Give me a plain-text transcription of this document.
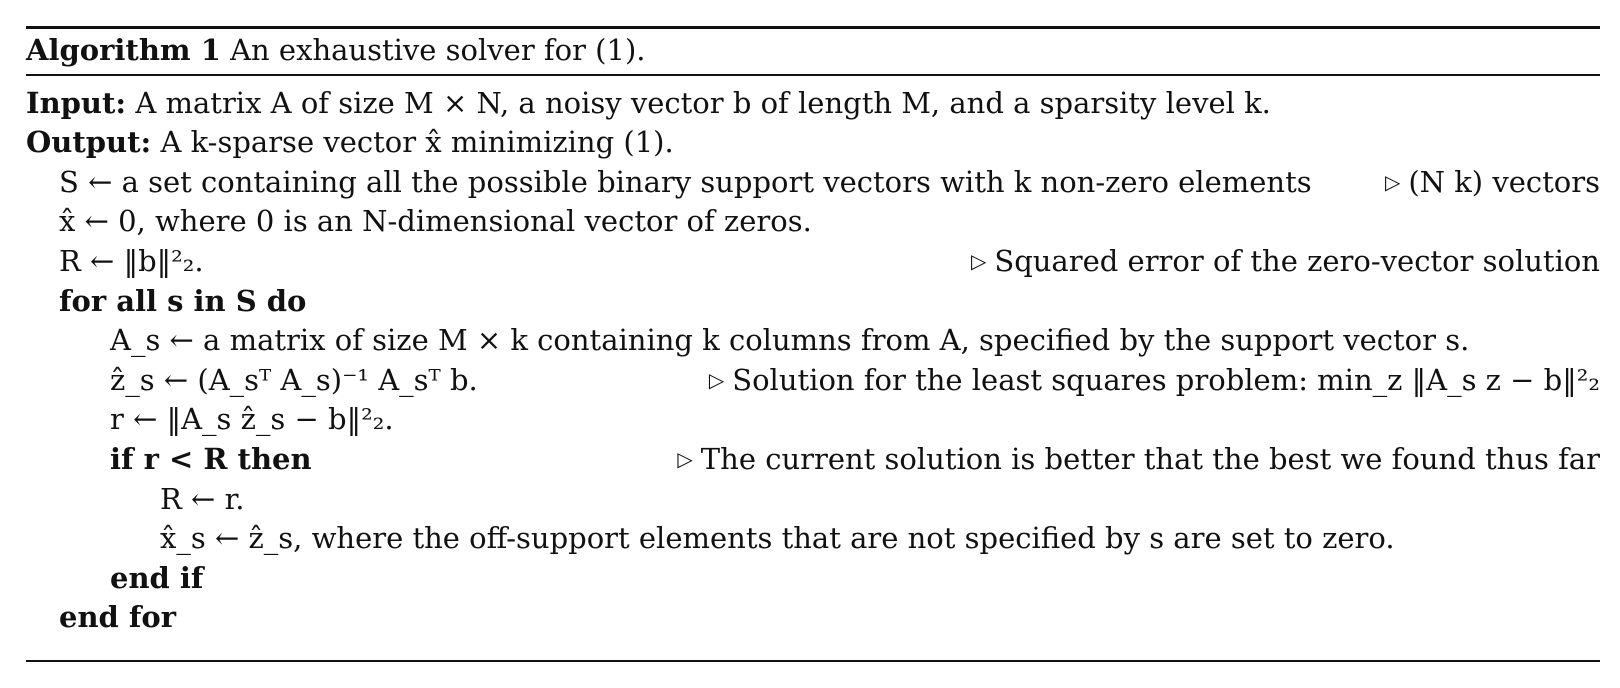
Algorithm 1 An exhaustive solver for (1).
Input: A matrix A of size M × N, a noisy vector b of length M, and a sparsity level k.
Output: A k-sparse vector x̂ minimizing (1).
S ← a set containing all the possible binary support vectors with k non-zero elements	▷ (N k) vectors
x̂ ← 0, where 0 is an N-dimensional vector of zeros.
R ← ‖b‖²₂.	▷ Squared error of the zero-vector solution
for all s in S do
A_s ← a matrix of size M × k containing k columns from A, specified by the support vector s.
ẑ_s ← (A_sᵀ A_s)⁻¹ A_sᵀ b.	▷ Solution for the least squares problem: min_z ‖A_s z − b‖²₂
r ← ‖A_s ẑ_s − b‖²₂.
if r < R then	▷ The current solution is better that the best we found thus far
R ← r.
x̂_s ← ẑ_s, where the off-support elements that are not specified by s are set to zero.
end if
end for
